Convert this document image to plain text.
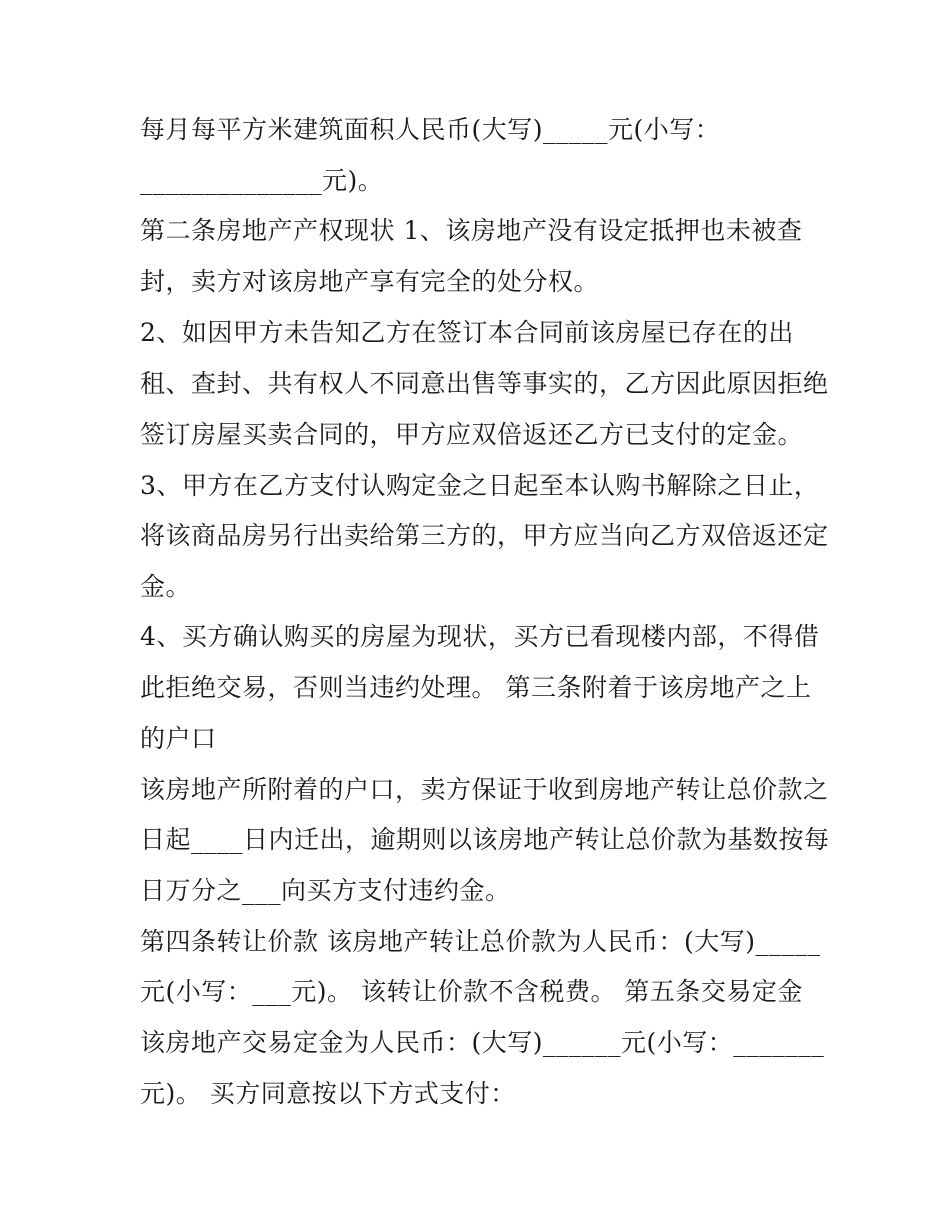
每月每平方米建筑面积人民币(大写)_____元(小写：
______________元)。
第二条房地产产权现状 1、该房地产没有设定抵押也未被查
封，卖方对该房地产享有完全的处分权。
2、如因甲方未告知乙方在签订本合同前该房屋已存在的出
租、查封、共有权人不同意出售等事实的，乙方因此原因拒绝
签订房屋买卖合同的，甲方应双倍返还乙方已支付的定金。
3、甲方在乙方支付认购定金之日起至本认购书解除之日止，
将该商品房另行出卖给第三方的，甲方应当向乙方双倍返还定
金。
4、买方确认购买的房屋为现状，买方已看现楼内部，不得借
此拒绝交易，否则当违约处理。 第三条附着于该房地产之上
的户口
该房地产所附着的户口，卖方保证于收到房地产转让总价款之
日起____日内迁出，逾期则以该房地产转让总价款为基数按每
日万分之___向买方支付违约金。
第四条转让价款 该房地产转让总价款为人民币：(大写)_____
元(小写：___元)。 该转让价款不含税费。 第五条交易定金
该房地产交易定金为人民币：(大写)______元(小写：_______
元)。 买方同意按以下方式支付：
